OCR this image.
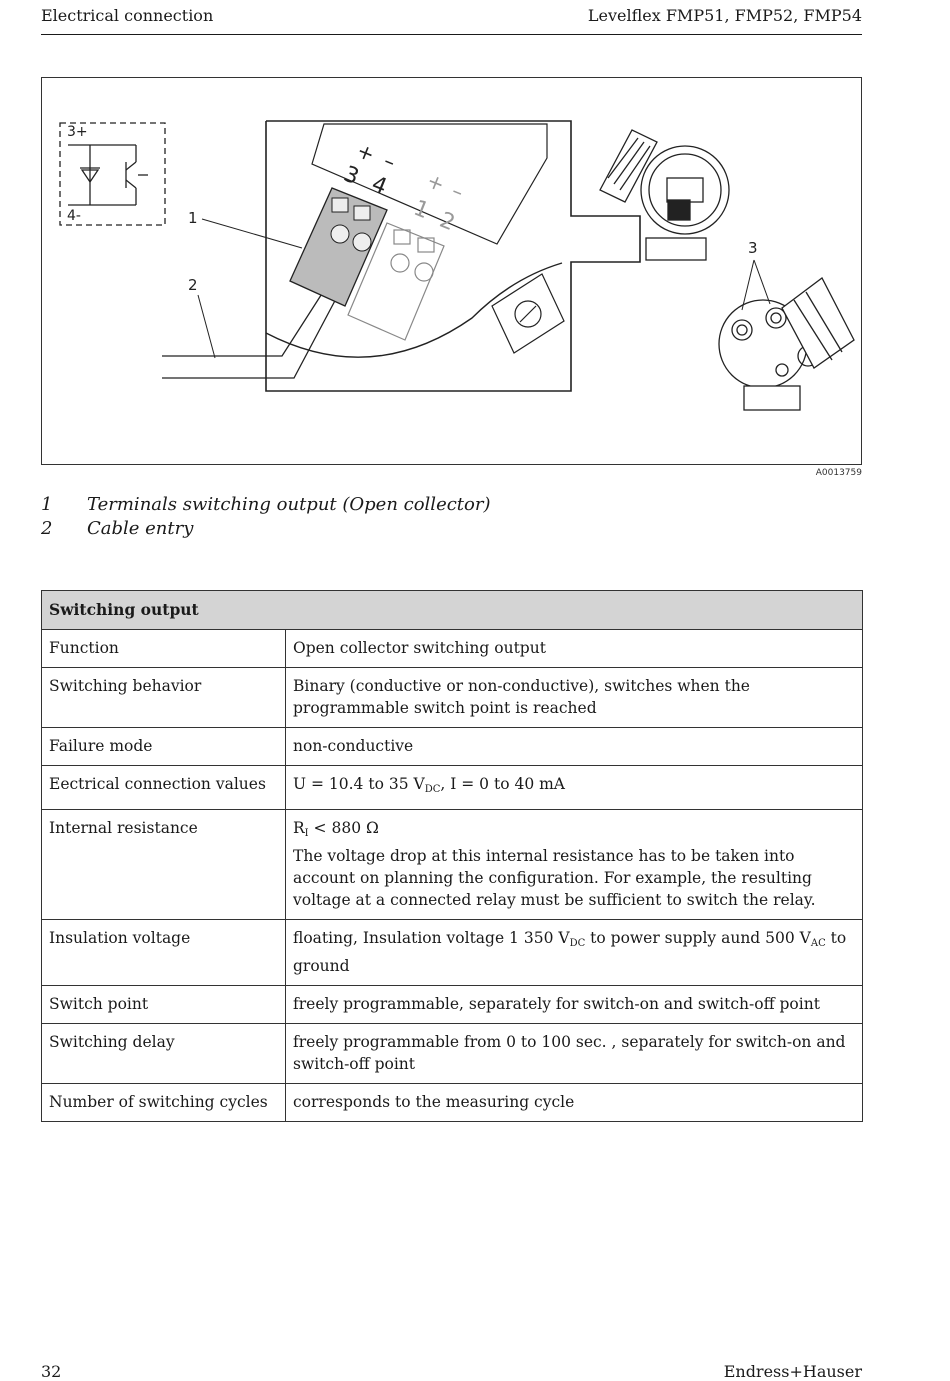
Electrical connection	Levelflex FMP51, FMP52, FMP54
3+
4-	1
2
3
+ –
3 4 + –
1 2
A0013759
1	Terminals switching output (Open collector)
2	Cable entry
Switching output	
Function	Open collector switching output
Switching behavior	Binary (conductive or non-conductive), switches when the programmable switch point is reached
Failure mode	non-conductive
Eectrical connection values	U = 10.4 to 35 $V_{DC}$, I = 0 to 40 mA
Internal resistance	$R_I < 880$ Ω
The voltage drop at this internal resistance has to be taken into account on planning the configuration. For example, the resulting voltage at a connected relay must be sufficient to switch the relay.
Insulation voltage	floating, Insulation voltage 1 350 $V_{DC}$ to power supply aund 500 $V_{AC}$ to ground
Switch point	freely programmable, separately for switch-on and switch-off point
Switching delay	freely programmable from 0 to 100 sec. , separately for switch-on and switch-off point
Number of switching cycles	corresponds to the measuring cycle
32	Endress+Hauser
